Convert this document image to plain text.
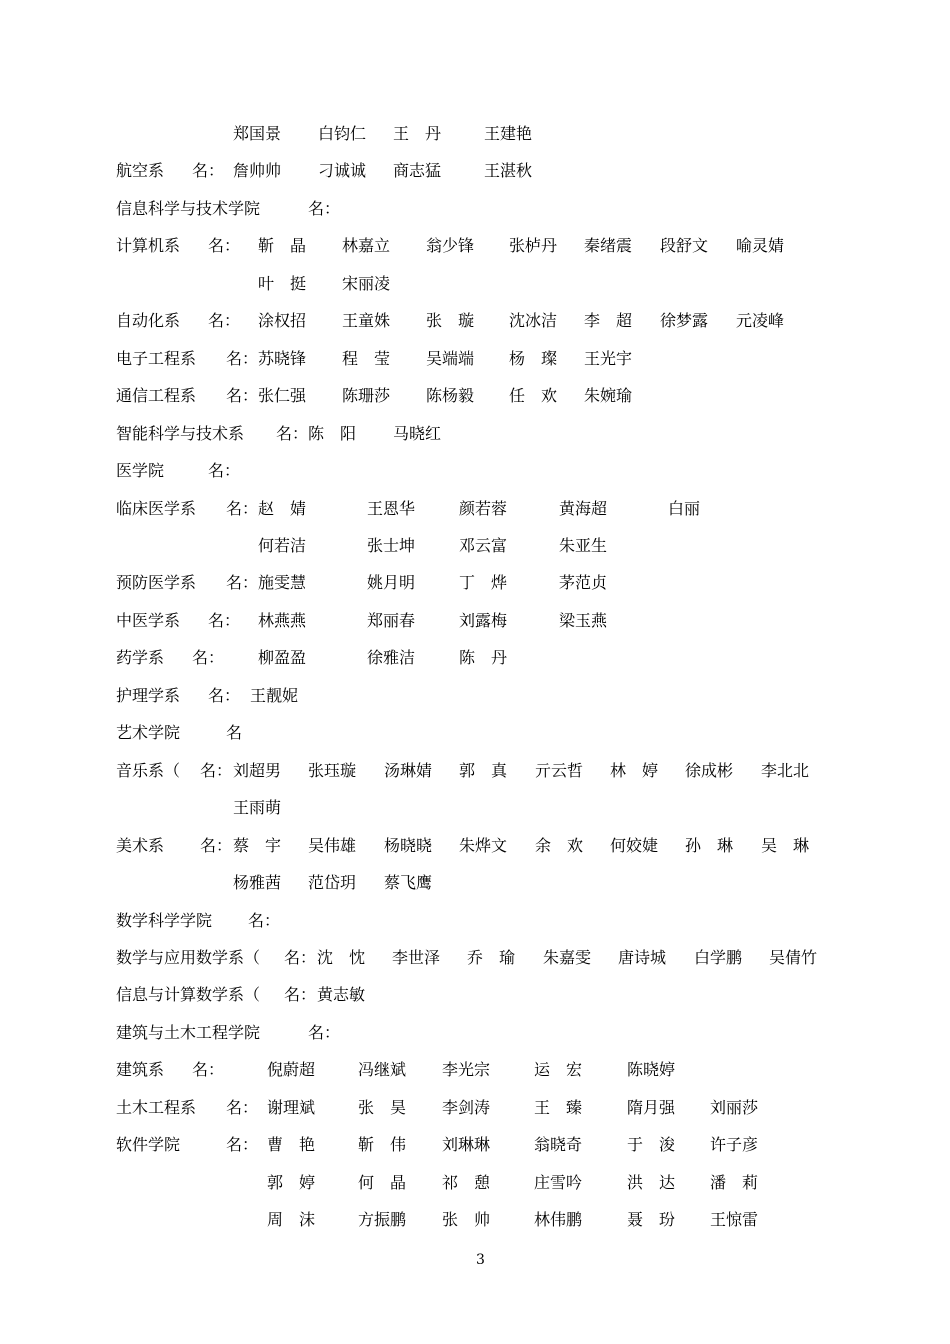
郑国景 白钧仁 王　丹	王建艳
航空系 名： 詹帅帅 刁诚诚 商志猛	王湛秋
信息科学与技术学院	名：
计算机系 名： 靳　晶 林嘉立 翁少锋 张栌丹 秦绪震 段舒文 喻灵婧
叶　挺 宋丽凌
自动化系 名： 涂权招 王童姝 张　璇 沈冰洁 李　超 徐梦露 元凌峰
电子工程系 名： 苏晓锋 程　莹 吴端端 杨　璨 王光宇
通信工程系 名： 张仁强 陈珊莎 陈杨毅 任　欢 朱婉瑜
智能科学与技术系 名： 陈　阳 马晓红
医学院	名：
临床医学系 名： 赵　婧	王恩华	颜若蓉	黄海超	白丽
何若洁	张士坤	邓云富	朱亚生
预防医学系 名： 施雯慧	姚月明	丁　烨	茅范贞
中医学系 名： 林燕燕	郑丽春	刘露梅	梁玉燕
药学系 名： 柳盈盈	徐雅洁	陈　丹
护理学系 名： 王靓妮
艺术学院	名
音乐系（ 名： 刘超男 张珏璇 汤琳婧 郭　真 亓云哲 林　婷 徐成彬 李北北
王雨萌
美术系 名： 蔡　宇 吴伟雄 杨晓晓 朱烨文 余　欢 何姣婕 孙　琳 吴　琳
杨雅茜 范岱玥 蔡飞鹰
数学科学学院 名：
数学与应用数学系（ 名： 沈　忱 李世泽 乔　瑜 朱嘉雯 唐诗城 白学鹏 吴倩竹
信息与计算数学系（ 名： 黄志敏
建筑与土木工程学院	名：
建筑系 名：	倪蔚超	冯继斌 李光宗	运　宏	陈晓婷
土木工程系 名： 谢理斌	张　昊 李剑涛	王　臻	隋月强 刘丽莎
软件学院	名： 曹　艳	靳　伟 刘琳琳	翁晓奇	于　浚 许子彦
郭　婷	何　晶 祁　憩	庄雪吟	洪　达 潘　莉
周　沫	方振鹏 张　帅	林伟鹏	聂　玢 王惊雷
3
